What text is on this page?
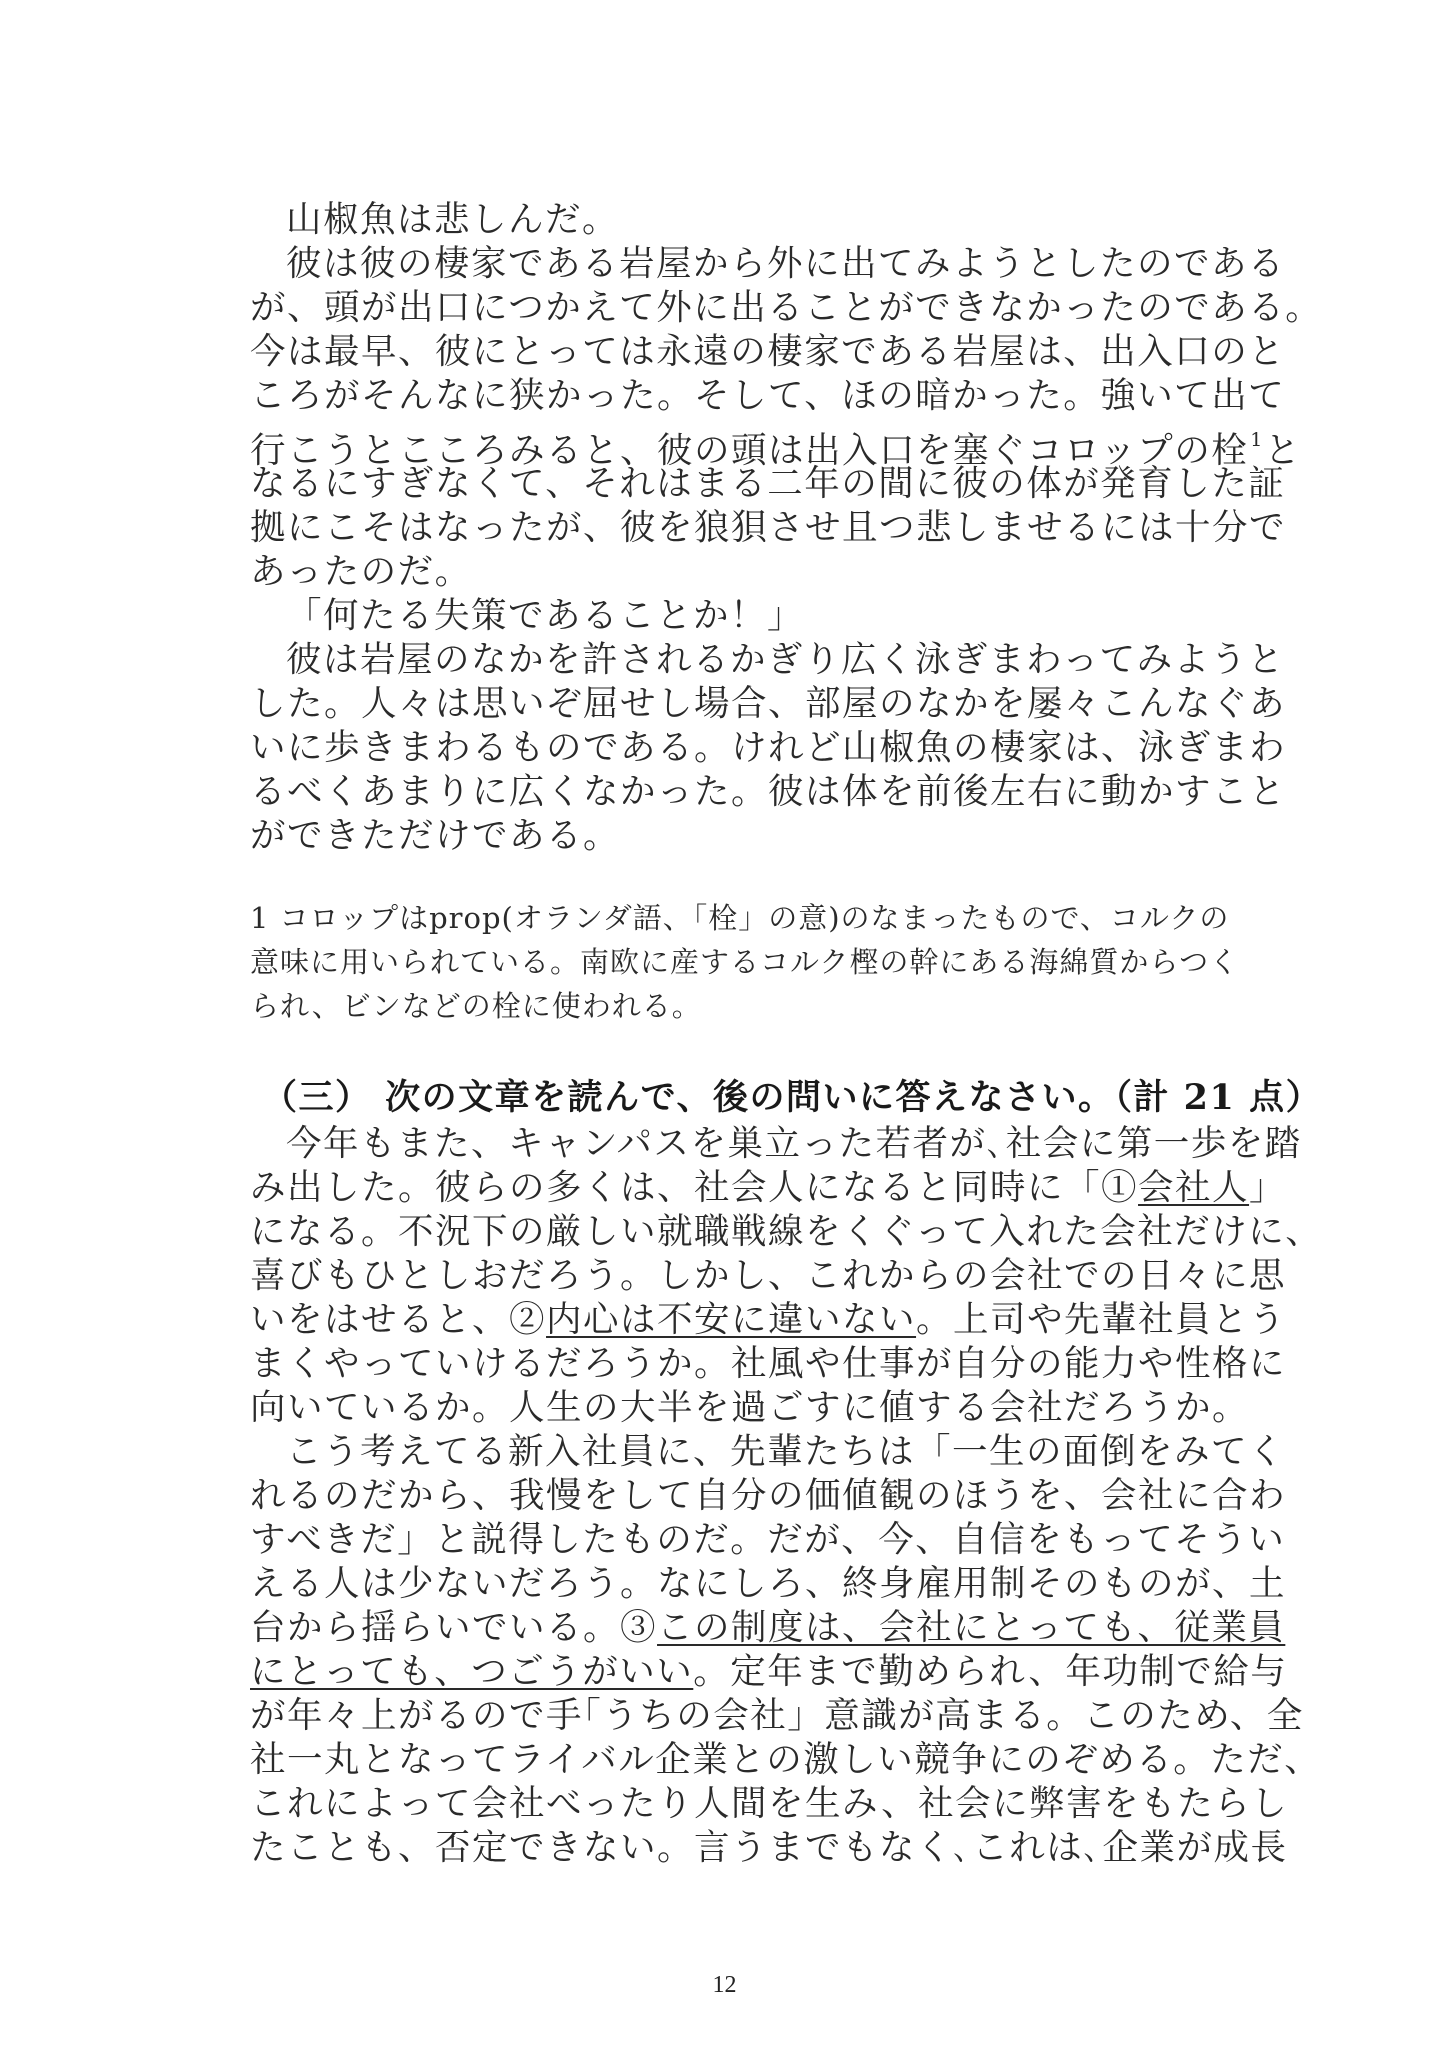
山椒魚は悲しんだ。
彼は彼の棲家である岩屋から外に出てみようとしたのである
が、頭が出口につかえて外に出ることができなかったのである。
今は最早、彼にとっては永遠の棲家である岩屋は、出入口のと
ころがそんなに狭かった。そして、ほの暗かった。強いて出て
行こうとこころみると、彼の頭は出入口を塞ぐコロップの栓 $^1$と
なるにすぎなくて、それはまる二年の間に彼の体が発育した証
拠にこそはなったが、彼を狼狽させ且つ悲しませるには十分で
あったのだ。
「何たる失策であることか！」
彼は岩屋のなかを許されるかぎり広く泳ぎまわってみようと
した。人々は思いぞ屈せし場合、部屋のなかを屡々こんなぐあ
いに歩きまわるものである。けれど山椒魚の棲家は、泳ぎまわ
るべくあまりに広くなかった。彼は体を前後左右に動かすこと
ができただけである。
1 コロップはprop(オランダ語、「栓」の意)のなまったもので、コルクの
意味に用いられている。南欧に産するコルク樫の幹にある海綿質からつく
られ、ビンなどの栓に使われる。
（三） 次の文章を読んで、後の問いに答えなさい。（計 21 点）
今年もまた、キャンパスを巣立った若者が､社会に第一歩を踏
み出した。彼らの多くは、社会人になると同時に「①会社人」
になる。不況下の厳しい就職戦線をくぐって入れた会社だけに、
喜びもひとしおだろう。しかし、これからの会社での日々に思
いをはせると、②内心は不安に違いない。上司や先輩社員とう
まくやっていけるだろうか。社風や仕事が自分の能力や性格に
向いているか。人生の大半を過ごすに値する会社だろうか。
こう考えてる新入社員に、先輩たちは「一生の面倒をみてく
れるのだから、我慢をして自分の価値観のほうを、会社に合わ
すべきだ」と説得したものだ。だが、今、自信をもってそうい
える人は少ないだろう。なにしろ、終身雇用制そのものが、土
台から揺らいでいる。③この制度は、会社にとっても、従業員
にとっても、つごうがいい。定年まで勤められ、年功制で給与
が年々上がるので手｢うちの会社」意識が高まる。このため、全
社一丸となってライバル企業との激しい競争にのぞめる。ただ、
これによって会社べったり人間を生み、社会に弊害をもたらし
たことも、否定できない。言うまでもなく､これは､企業が成長
12
